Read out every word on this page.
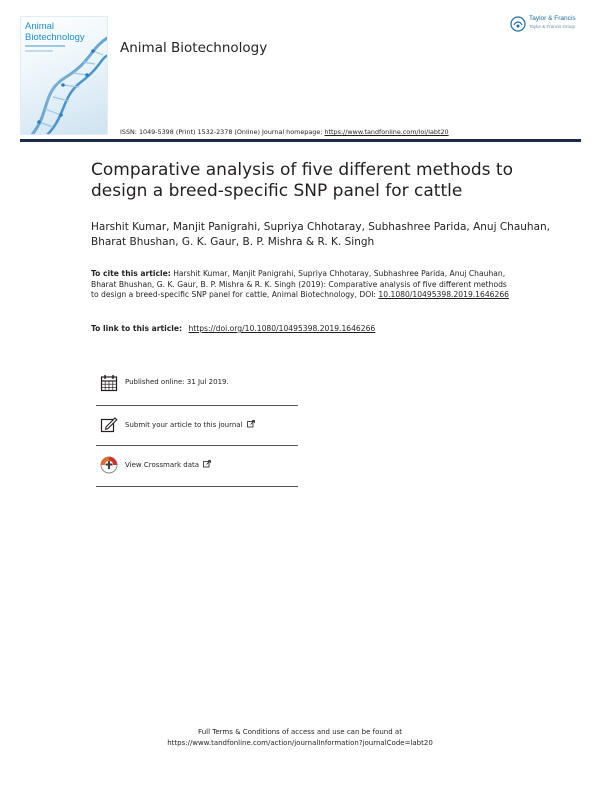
Animal
Biotechnology
Animal Biotechnology
Taylor & Francis
Taylor & Francis Group
ISSN: 1049-5398 (Print) 1532-2378 (Online) Journal homepage: https://www.tandfonline.com/loi/labt20
Comparative analysis of five different methods to design a breed-specific SNP panel for cattle
Harshit Kumar, Manjit Panigrahi, Supriya Chhotaray, Subhashree Parida, Anuj Chauhan, Bharat Bhushan, G. K. Gaur, B. P. Mishra & R. K. Singh
To cite this article: Harshit Kumar, Manjit Panigrahi, Supriya Chhotaray, Subhashree Parida, Anuj Chauhan, Bharat Bhushan, G. K. Gaur, B. P. Mishra & R. K. Singh (2019): Comparative analysis of five different methods to design a breed-specific SNP panel for cattle, Animal Biotechnology, DOI: 10.1080/10495398.2019.1646266
To link to this article: https://doi.org/10.1080/10495398.2019.1646266
Published online: 31 Jul 2019.
Submit your article to this journal
View Crossmark data
Full Terms & Conditions of access and use can be found at
https://www.tandfonline.com/action/journalInformation?journalCode=labt20
